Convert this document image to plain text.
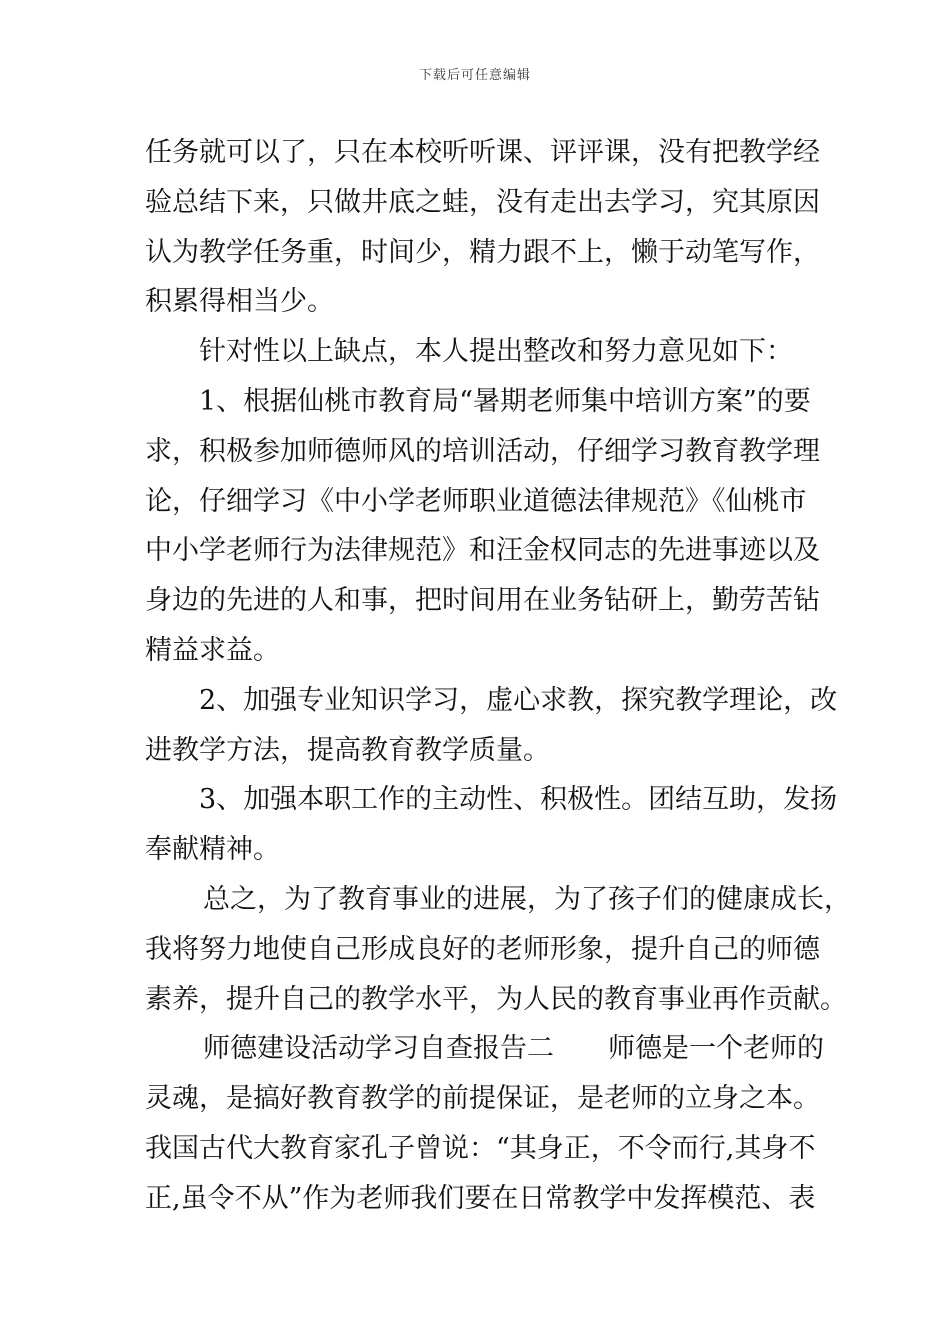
下载后可任意编辑
任务就可以了，只在本校听听课、评评课，没有把教学经
验总结下来，只做井底之蛙，没有走出去学习，究其原因
认为教学任务重，时间少，精力跟不上，懒于动笔写作，
积累得相当少。
针对性以上缺点，本人提出整改和努力意见如下：
1、根据仙桃市教育局“暑期老师集中培训方案”的要
求，积极参加师德师风的培训活动，仔细学习教育教学理
论，仔细学习《中小学老师职业道德法律规范》《仙桃市
中小学老师行为法律规范》和汪金权同志的先进事迹以及
身边的先进的人和事，把时间用在业务钻研上，勤劳苦钻
精益求益。
2、加强专业知识学习，虚心求教，探究教学理论，改
进教学方法，提高教育教学质量。
3、加强本职工作的主动性、积极性。团结互助，发扬
奉献精神。
总之，为了教育事业的进展，为了孩子们的健康成长，
我将努力地使自己形成良好的老师形象，提升自己的师德
素养，提升自己的教学水平，为人民的教育事业再作贡献。
师德建设活动学习自查报告二　　师德是一个老师的
灵魂，是搞好教育教学的前提保证，是老师的立身之本。
我国古代大教育家孔子曾说：“其身正，不令而行,其身不
正,虽令不从”作为老师我们要在日常教学中发挥模范、表
